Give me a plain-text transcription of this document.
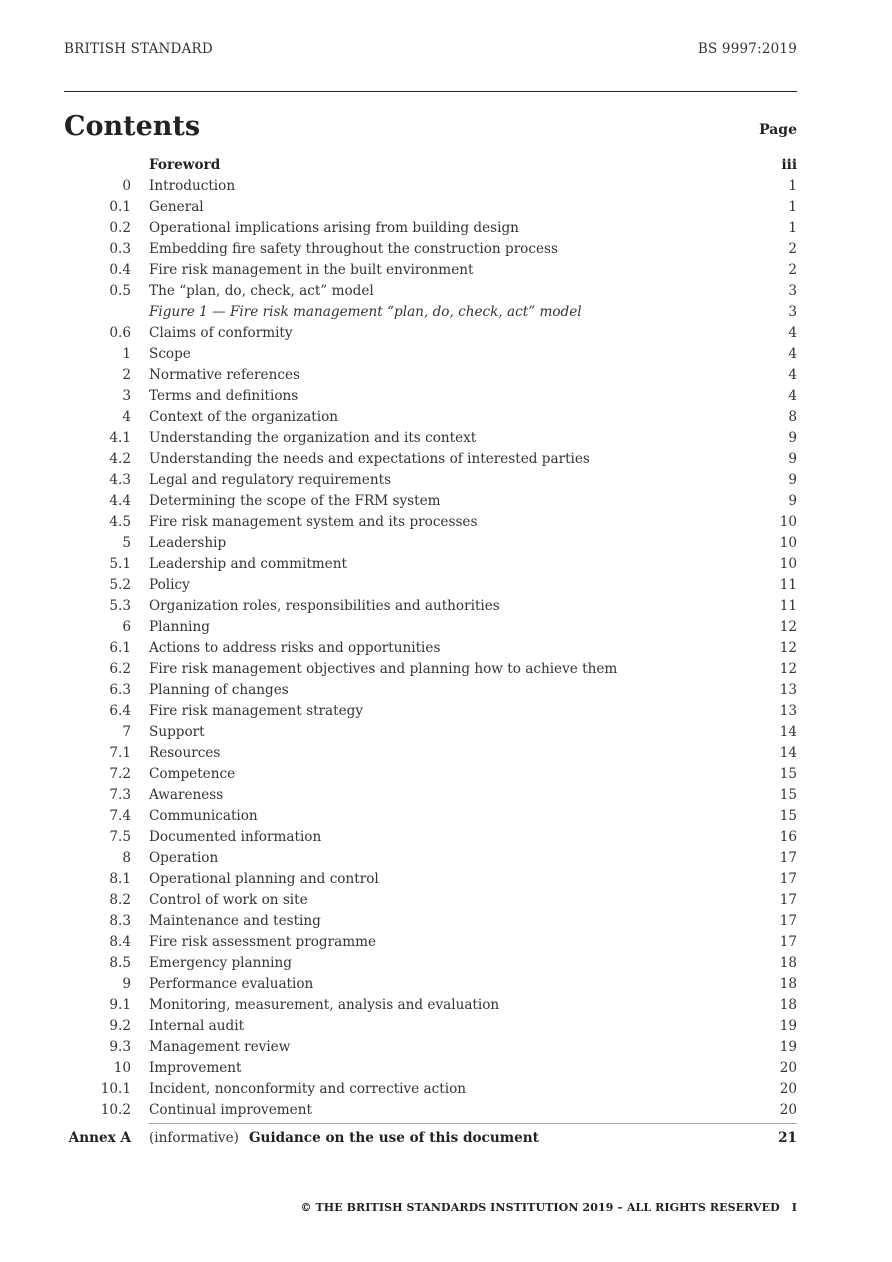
BRITISH STANDARD	BS 9997:2019
Contents	Page
Foreword	iii
0 Introduction	1
0.1 General	1
0.2 Operational implications arising from building design	1
0.3 Embedding fire safety throughout the construction process	2
0.4 Fire risk management in the built environment	2
0.5 The “plan, do, check, act” model	3
Figure 1 — Fire risk management “plan, do, check, act” model	3
0.6 Claims of conformity	4
1 Scope	4
2 Normative references	4
3 Terms and definitions	4
4 Context of the organization	8
4.1 Understanding the organization and its context	9
4.2 Understanding the needs and expectations of interested parties	9
4.3 Legal and regulatory requirements	9
4.4 Determining the scope of the FRM system	9
4.5 Fire risk management system and its processes	10
5 Leadership	10
5.1 Leadership and commitment	10
5.2 Policy	11
5.3 Organization roles, responsibilities and authorities	11
6 Planning	12
6.1 Actions to address risks and opportunities	12
6.2 Fire risk management objectives and planning how to achieve them	12
6.3 Planning of changes	13
6.4 Fire risk management strategy	13
7 Support	14
7.1 Resources	14
7.2 Competence	15
7.3 Awareness	15
7.4 Communication	15
7.5 Documented information	16
8 Operation	17
8.1 Operational planning and control	17
8.2 Control of work on site	17
8.3 Maintenance and testing	17
8.4 Fire risk assessment programme	17
8.5 Emergency planning	18
9 Performance evaluation	18
9.1 Monitoring, measurement, analysis and evaluation	18
9.2 Internal audit	19
9.3 Management review	19
10 Improvement	20
10.1 Incident, nonconformity and corrective action	20
10.2 Continual improvement	20
Annex A (informative) Guidance on the use of this document	21
© THE BRITISH STANDARDS INSTITUTION 2019 – ALL RIGHTS RESERVED I
